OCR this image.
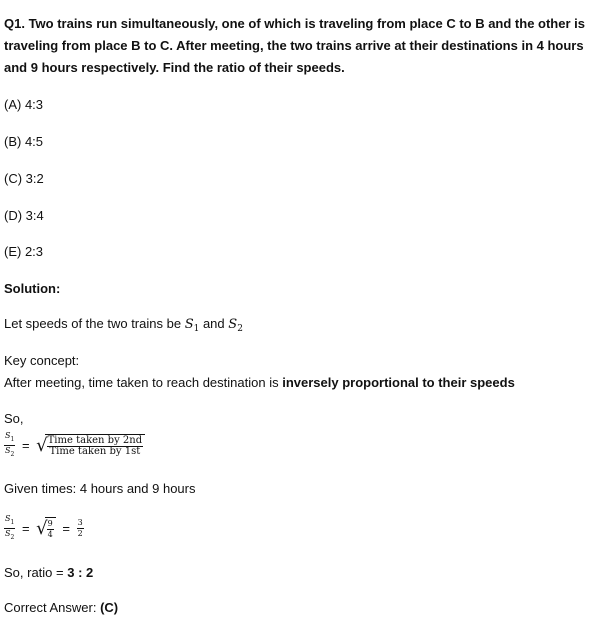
Q1. Two trains run simultaneously, one of which is traveling from place C to B and the other is traveling from place B to C. After meeting, the two trains arrive at their destinations in 4 hours and 9 hours respectively. Find the ratio of their speeds.
(A) 4:3
(B) 4:5
(C) 3:2
(D) 3:4
(E) 2:3
Solution:
Let speeds of the two trains be $S_1$ and $S_2$
Key concept:
After meeting, time taken to reach destination is inversely proportional to their speeds
So,
$\frac{S_1}{S_2}$ = √ $\frac{\text{Time taken by 2nd}}{\text{Time taken by 1st}}$
Given times: 4 hours and 9 hours
$\frac{S_1}{S_2}$ = √ $\frac{9}{4} = \frac{3}{2}$
So, ratio = 3 : 2
Correct Answer: (C)
